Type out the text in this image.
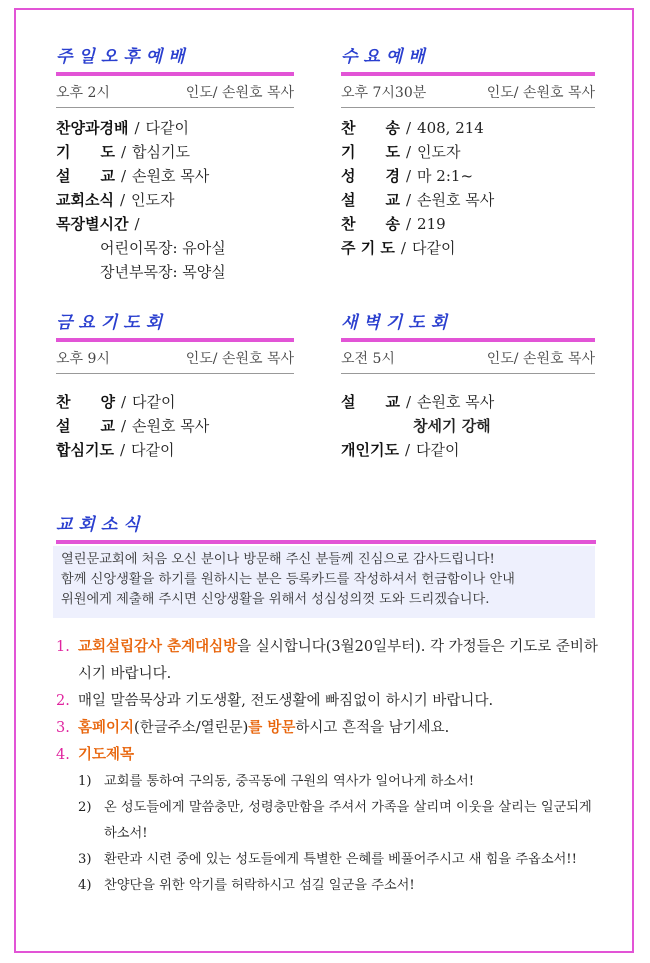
주일오후예배
오후 2시	인도/ 손원호 목사
찬양과경배 / 다같이
기　　도 / 합심기도
설　　교 / 손원호 목사
교회소식 / 인도자
목장별시간 /
어린이목장: 유아실
장년부목장: 목양실
수요예배
오후 7시30분	인도/ 손원호 목사
찬　　송 / 408, 214
기　　도 / 인도자
성　　경 / 마 2:1~
설　　교 / 손원호 목사
찬　　송 / 219
주 기 도 / 다같이
금요기도회
오후 9시	인도/ 손원호 목사
찬　　양 / 다같이
설　　교 / 손원호 목사
합심기도 / 다같이
새벽기도회
오전 5시	인도/ 손원호 목사
설　　교 / 손원호 목사
창세기 강해
개인기도 / 다같이
교회소식
열린문교회에 처음 오신 분이나 방문해 주신 분들께 진심으로 감사드립니다!
함께 신앙생활을 하기를 원하시는 분은 등록카드를 작성하셔서 헌금함이나 안내
위원에게 제출해 주시면 신앙생활을 위해서 성심성의껏 도와 드리겠습니다.
1. 교회설립감사 춘계대심방을 실시합니다(3월20일부터). 각 가정들은 기도로 준비하시기 바랍니다.
2. 매일 말씀묵상과 기도생활, 전도생활에 빠짐없이 하시기 바랍니다.
3. 홈페이지(한글주소/열린문)를 방문하시고 흔적을 남기세요.
4. 기도제목
1) 교회를 통하여 구의동, 중곡동에 구원의 역사가 일어나게 하소서!
2) 온 성도들에게 말씀충만, 성령충만함을 주셔서 가족을 살리며 이웃을 살리는 일군되게 하소서!
3) 환란과 시련 중에 있는 성도들에게 특별한 은혜를 베풀어주시고 새 힘을 주옵소서!!
4) 찬양단을 위한 악기를 허락하시고 섬길 일군을 주소서!
